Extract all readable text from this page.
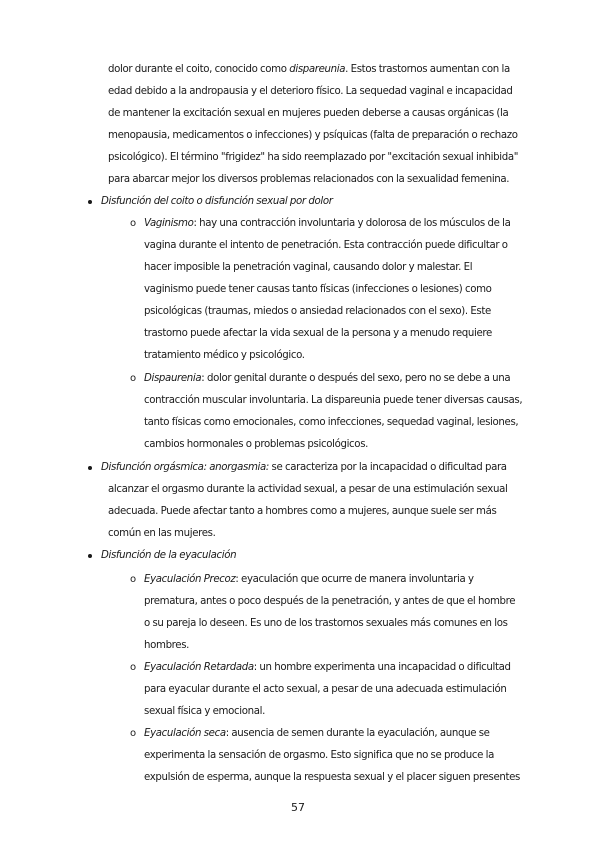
dolor durante el coito, conocido como dispareunia. Estos trastornos aumentan con la
edad debido a la andropausia y el deterioro físico. La sequedad vaginal e incapacidad
de mantener la excitación sexual en mujeres pueden deberse a causas orgánicas (la
menopausia, medicamentos o infecciones) y psíquicas (falta de preparación o rechazo
psicológico). El término "frigidez" ha sido reemplazado por "excitación sexual inhibida"
para abarcar mejor los diversos problemas relacionados con la sexualidad femenina.
Disfunción del coito o disfunción sexual por dolor
o Vaginismo: hay una contracción involuntaria y dolorosa de los músculos de la
vagina durante el intento de penetración. Esta contracción puede dificultar o
hacer imposible la penetración vaginal, causando dolor y malestar. El
vaginismo puede tener causas tanto físicas (infecciones o lesiones) como
psicológicas (traumas, miedos o ansiedad relacionados con el sexo). Este
trastorno puede afectar la vida sexual de la persona y a menudo requiere
tratamiento médico y psicológico.
o Dispaurenia: dolor genital durante o después del sexo, pero no se debe a una
contracción muscular involuntaria. La dispareunia puede tener diversas causas,
tanto físicas como emocionales, como infecciones, sequedad vaginal, lesiones,
cambios hormonales o problemas psicológicos.
Disfunción orgásmica: anorgasmia: se caracteriza por la incapacidad o dificultad para
alcanzar el orgasmo durante la actividad sexual, a pesar de una estimulación sexual
adecuada. Puede afectar tanto a hombres como a mujeres, aunque suele ser más
común en las mujeres.
Disfunción de la eyaculación
o Eyaculación Precoz: eyaculación que ocurre de manera involuntaria y
prematura, antes o poco después de la penetración, y antes de que el hombre
o su pareja lo deseen. Es uno de los trastornos sexuales más comunes en los
hombres.
o Eyaculación Retardada: un hombre experimenta una incapacidad o dificultad
para eyacular durante el acto sexual, a pesar de una adecuada estimulación
sexual física y emocional.
o Eyaculación seca: ausencia de semen durante la eyaculación, aunque se
experimenta la sensación de orgasmo. Esto significa que no se produce la
expulsión de esperma, aunque la respuesta sexual y el placer siguen presentes
57
